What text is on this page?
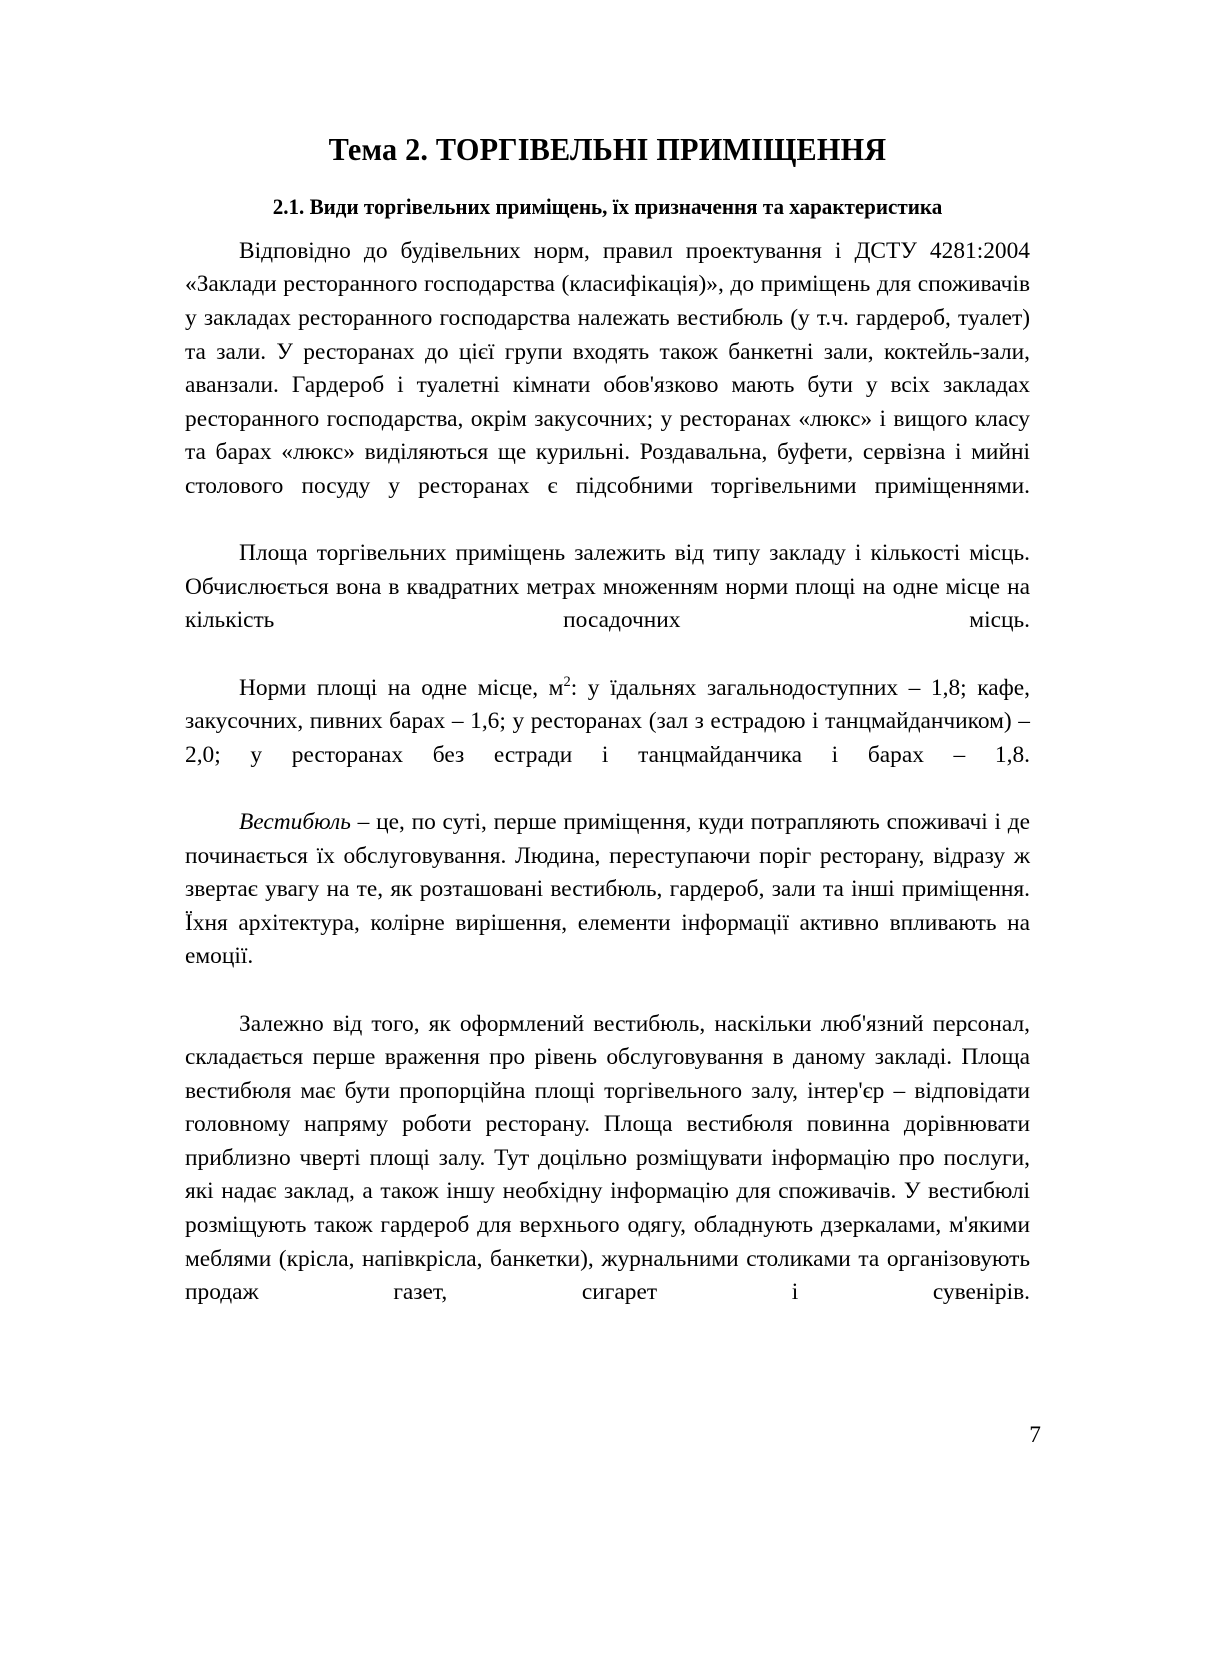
Тема 2. ТОРГІВЕЛЬНІ ПРИМІЩЕННЯ
2.1. Види торгівельних приміщень, їх призначення та характеристика

Відповідно до будівельних норм, правил проектування і ДСТУ 4281:2004 «Заклади ресторанного господарства (класифікація)», до приміщень для споживачів у закладах ресторанного господарства належать вестибюль (у т.ч. гардероб, туалет) та зали. У ресторанах до цієї групи входять також банкетні зали, коктейль-зали, аванзали. Гардероб і туалетні кімнати обов'язково мають бути у всіх закладах ресторанного господарства, окрім закусочних; у ресторанах «люкс» і вищого класу та барах «люкс» виділяються ще курильні. Роздавальна, буфети, сервізна і мийні столового посуду у ресторанах є підсобними торгівельними приміщеннями.

Площа торгівельних приміщень залежить від типу закладу і кількості місць. Обчислюється вона в квадратних метрах множенням норми площі на одне місце на кількість посадочних місць.

Норми площі на одне місце, $м^2$: у їдальнях загальнодоступних – 1,8; кафе, закусочних, пивних барах – 1,6; у ресторанах (зал з естрадою і танцмайданчиком) – 2,0; у ресторанах без естради і танцмайданчика і барах – 1,8.

Вестибюль – це, по суті, перше приміщення, куди потрапляють споживачі і де починається їх обслуговування. Людина, переступаючи поріг ресторану, відразу ж звертає увагу на те, як розташовані вестибюль, гардероб, зали та інші приміщення. Їхня архітектура, колірне вирішення, елементи інформації активно впливають на емоції.

Залежно від того, як оформлений вестибюль, наскільки люб'язний персонал, складається перше враження про рівень обслуговування в даному закладі. Площа вестибюля має бути пропорційна площі торгівельного залу, інтер'єр – відповідати головному напряму роботи ресторану. Площа вестибюля повинна дорівнювати приблизно чверті площі залу. Тут доцільно розміщувати інформацію про послуги, які надає заклад, а також іншу необхідну інформацію для споживачів. У вестибюлі розміщують також гардероб для верхнього одягу, обладнують дзеркалами, м'якими меблями (крісла, напівкрісла, банкетки), журнальними столиками та організовують продаж газет, сигарет і сувенірів.

7
